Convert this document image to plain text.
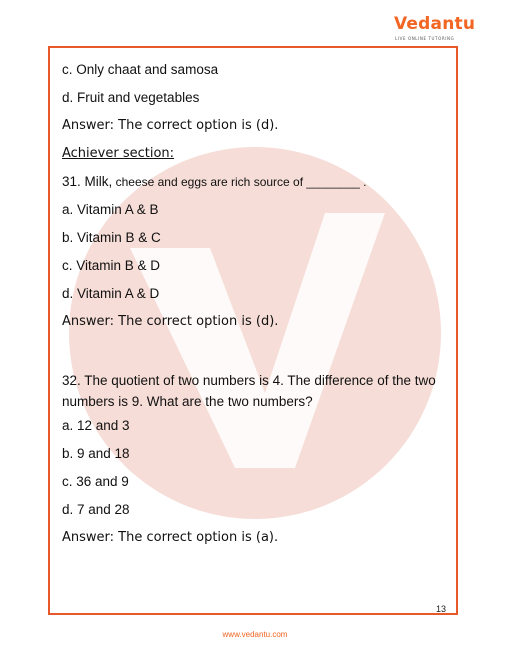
Vedantu
LIVE ONLINE TUTORING
c. Only chaat and samosa
d. Fruit and vegetables
Answer: The correct option is (d).
Achiever section:
31. Milk, cheese and eggs are rich source of ________ .
a. Vitamin A & B
b. Vitamin B & C
c. Vitamin B & D
d. Vitamin A & D
Answer: The correct option is (d).
32. The quotient of two numbers is 4. The difference of the two numbers is 9. What are the two numbers?
a. 12 and 3
b. 9 and 18
c. 36 and 9
d. 7 and 28
Answer: The correct option is (a).
13
www.vedantu.com
